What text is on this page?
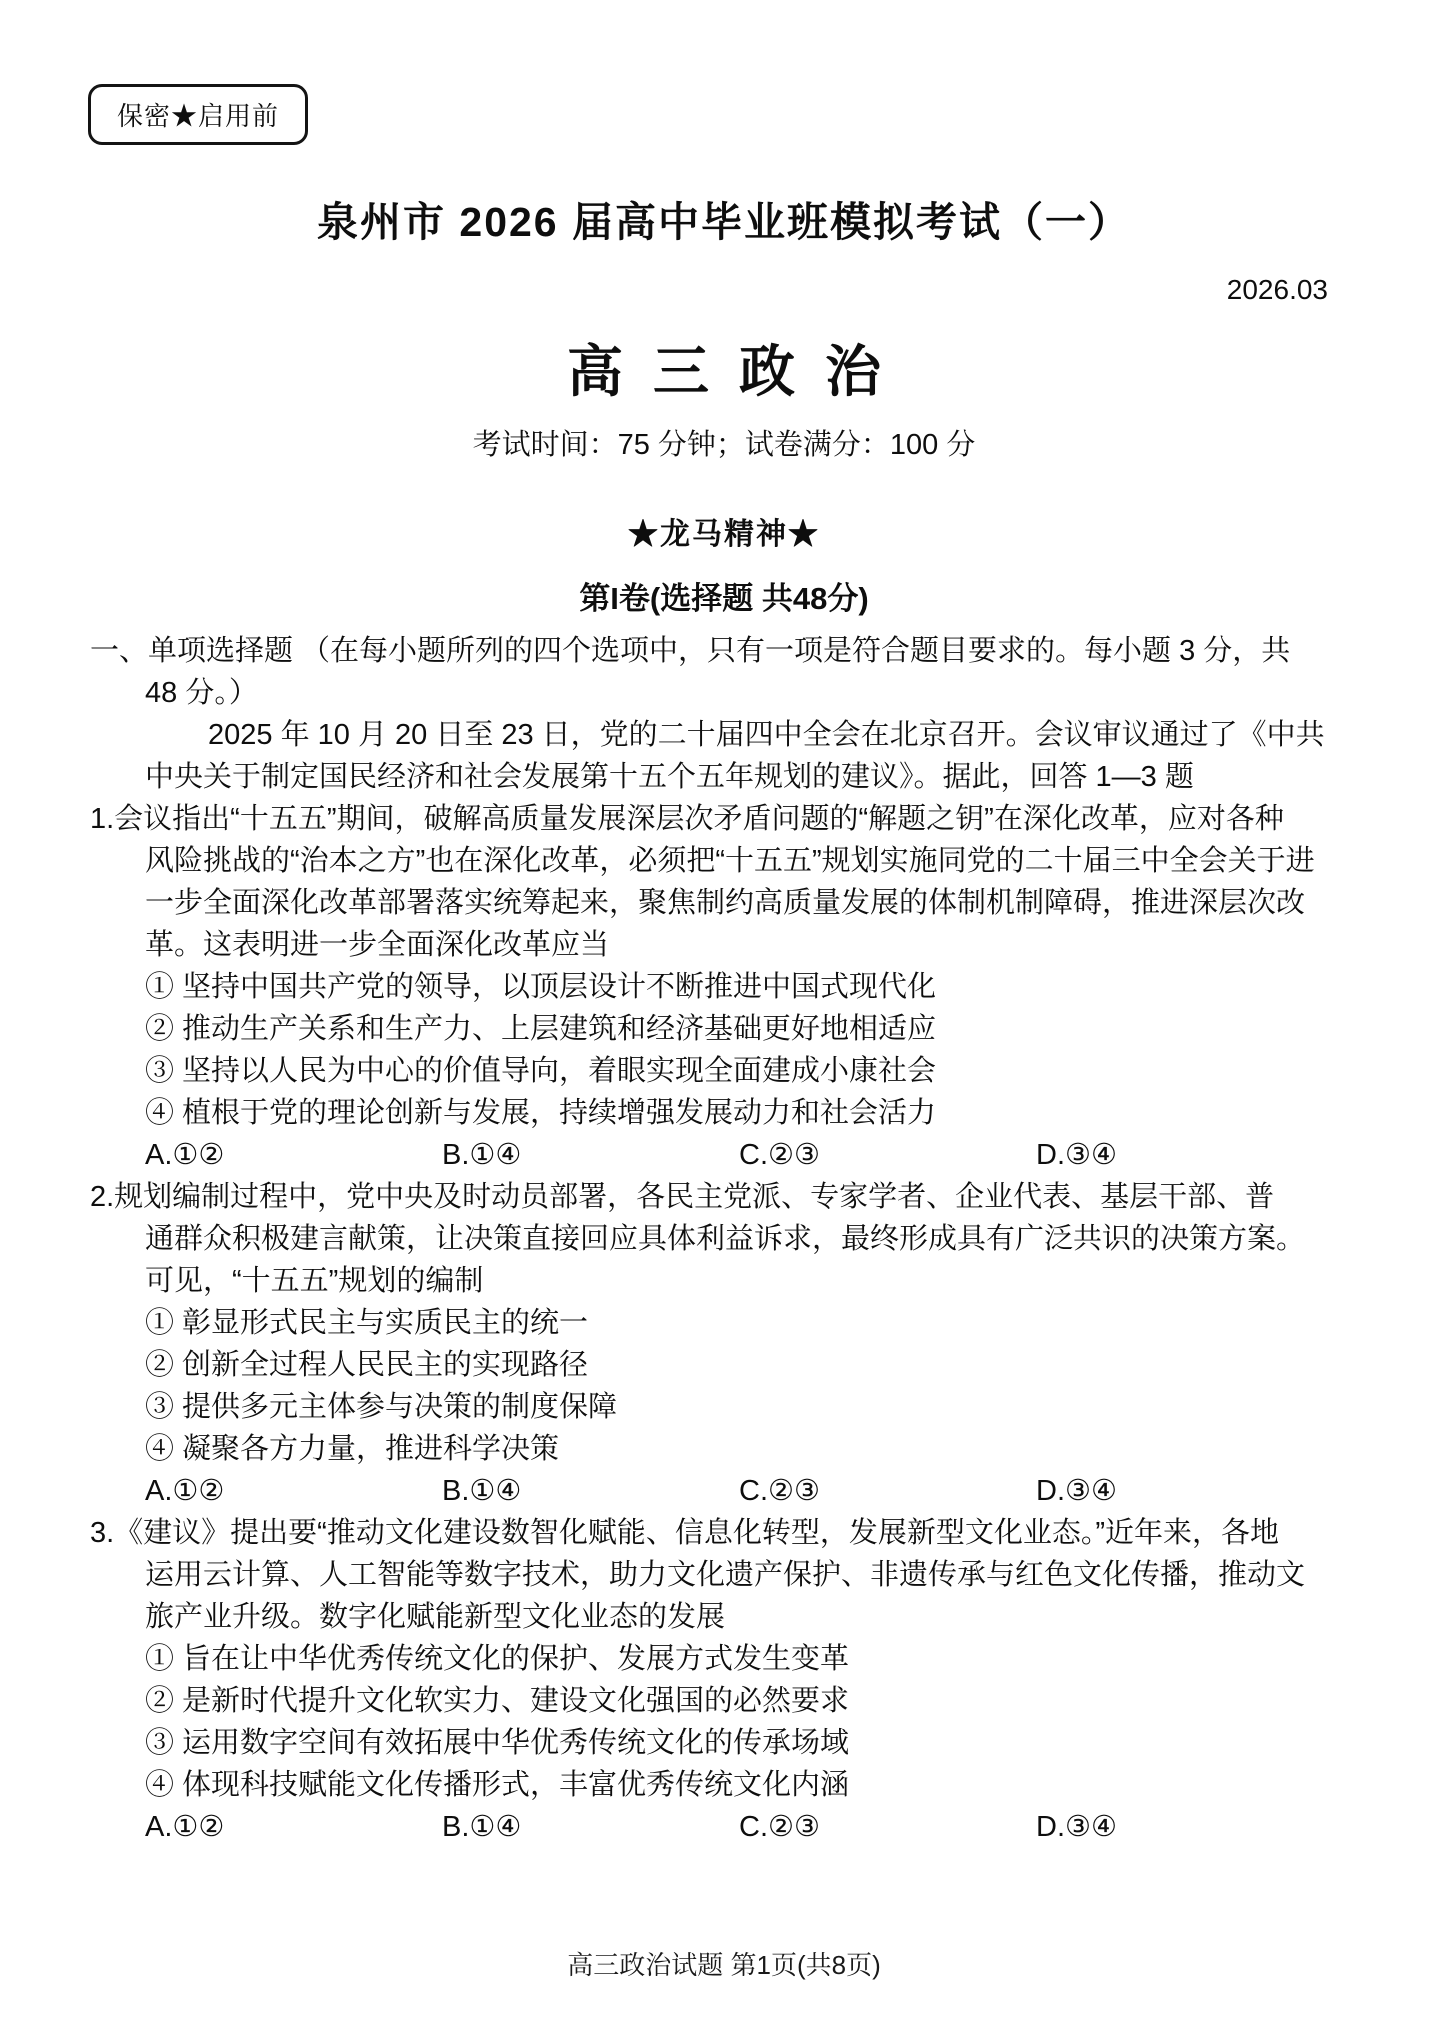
保密★启用前
泉州市 2026 届高中毕业班模拟考试（一）
2026.03
高三政治
考试时间：75 分钟；试卷满分：100 分
★龙马精神★
第I卷(选择题 共48分)
一、单项选择题 （在每小题所列的四个选项中，只有一项是符合题目要求的。每小题 3 分，共
48 分。）
2025 年 10 月 20 日至 23 日，党的二十届四中全会在北京召开。会议审议通过了《中共
中央关于制定国民经济和社会发展第十五个五年规划的建议》。据此，回答 1—3 题
1.会议指出“十五五”期间，破解高质量发展深层次矛盾问题的“解题之钥”在深化改革，应对各种
风险挑战的“治本之方”也在深化改革，必须把“十五五”规划实施同党的二十届三中全会关于进
一步全面深化改革部署落实统筹起来，聚焦制约高质量发展的体制机制障碍，推进深层次改
革。这表明进一步全面深化改革应当
① 坚持中国共产党的领导，以顶层设计不断推进中国式现代化
② 推动生产关系和生产力、上层建筑和经济基础更好地相适应
③ 坚持以人民为中心的价值导向，着眼实现全面建成小康社会
④ 植根于党的理论创新与发展，持续增强发展动力和社会活力
A.①②	B.①④	C.②③	D.③④
2.规划编制过程中，党中央及时动员部署，各民主党派、专家学者、企业代表、基层干部、普
通群众积极建言献策，让决策直接回应具体利益诉求，最终形成具有广泛共识的决策方案。
可见，“十五五”规划的编制
① 彰显形式民主与实质民主的统一
② 创新全过程人民民主的实现路径
③ 提供多元主体参与决策的制度保障
④ 凝聚各方力量，推进科学决策
A.①②	B.①④	C.②③	D.③④
3.《建议》提出要“推动文化建设数智化赋能、信息化转型，发展新型文化业态。”近年来，各地
运用云计算、人工智能等数字技术，助力文化遗产保护、非遗传承与红色文化传播，推动文
旅产业升级。数字化赋能新型文化业态的发展
① 旨在让中华优秀传统文化的保护、发展方式发生变革
② 是新时代提升文化软实力、建设文化强国的必然要求
③ 运用数字空间有效拓展中华优秀传统文化的传承场域
④ 体现科技赋能文化传播形式，丰富优秀传统文化内涵
A.①②	B.①④	C.②③	D.③④
高三政治试题 第1页(共8页)
